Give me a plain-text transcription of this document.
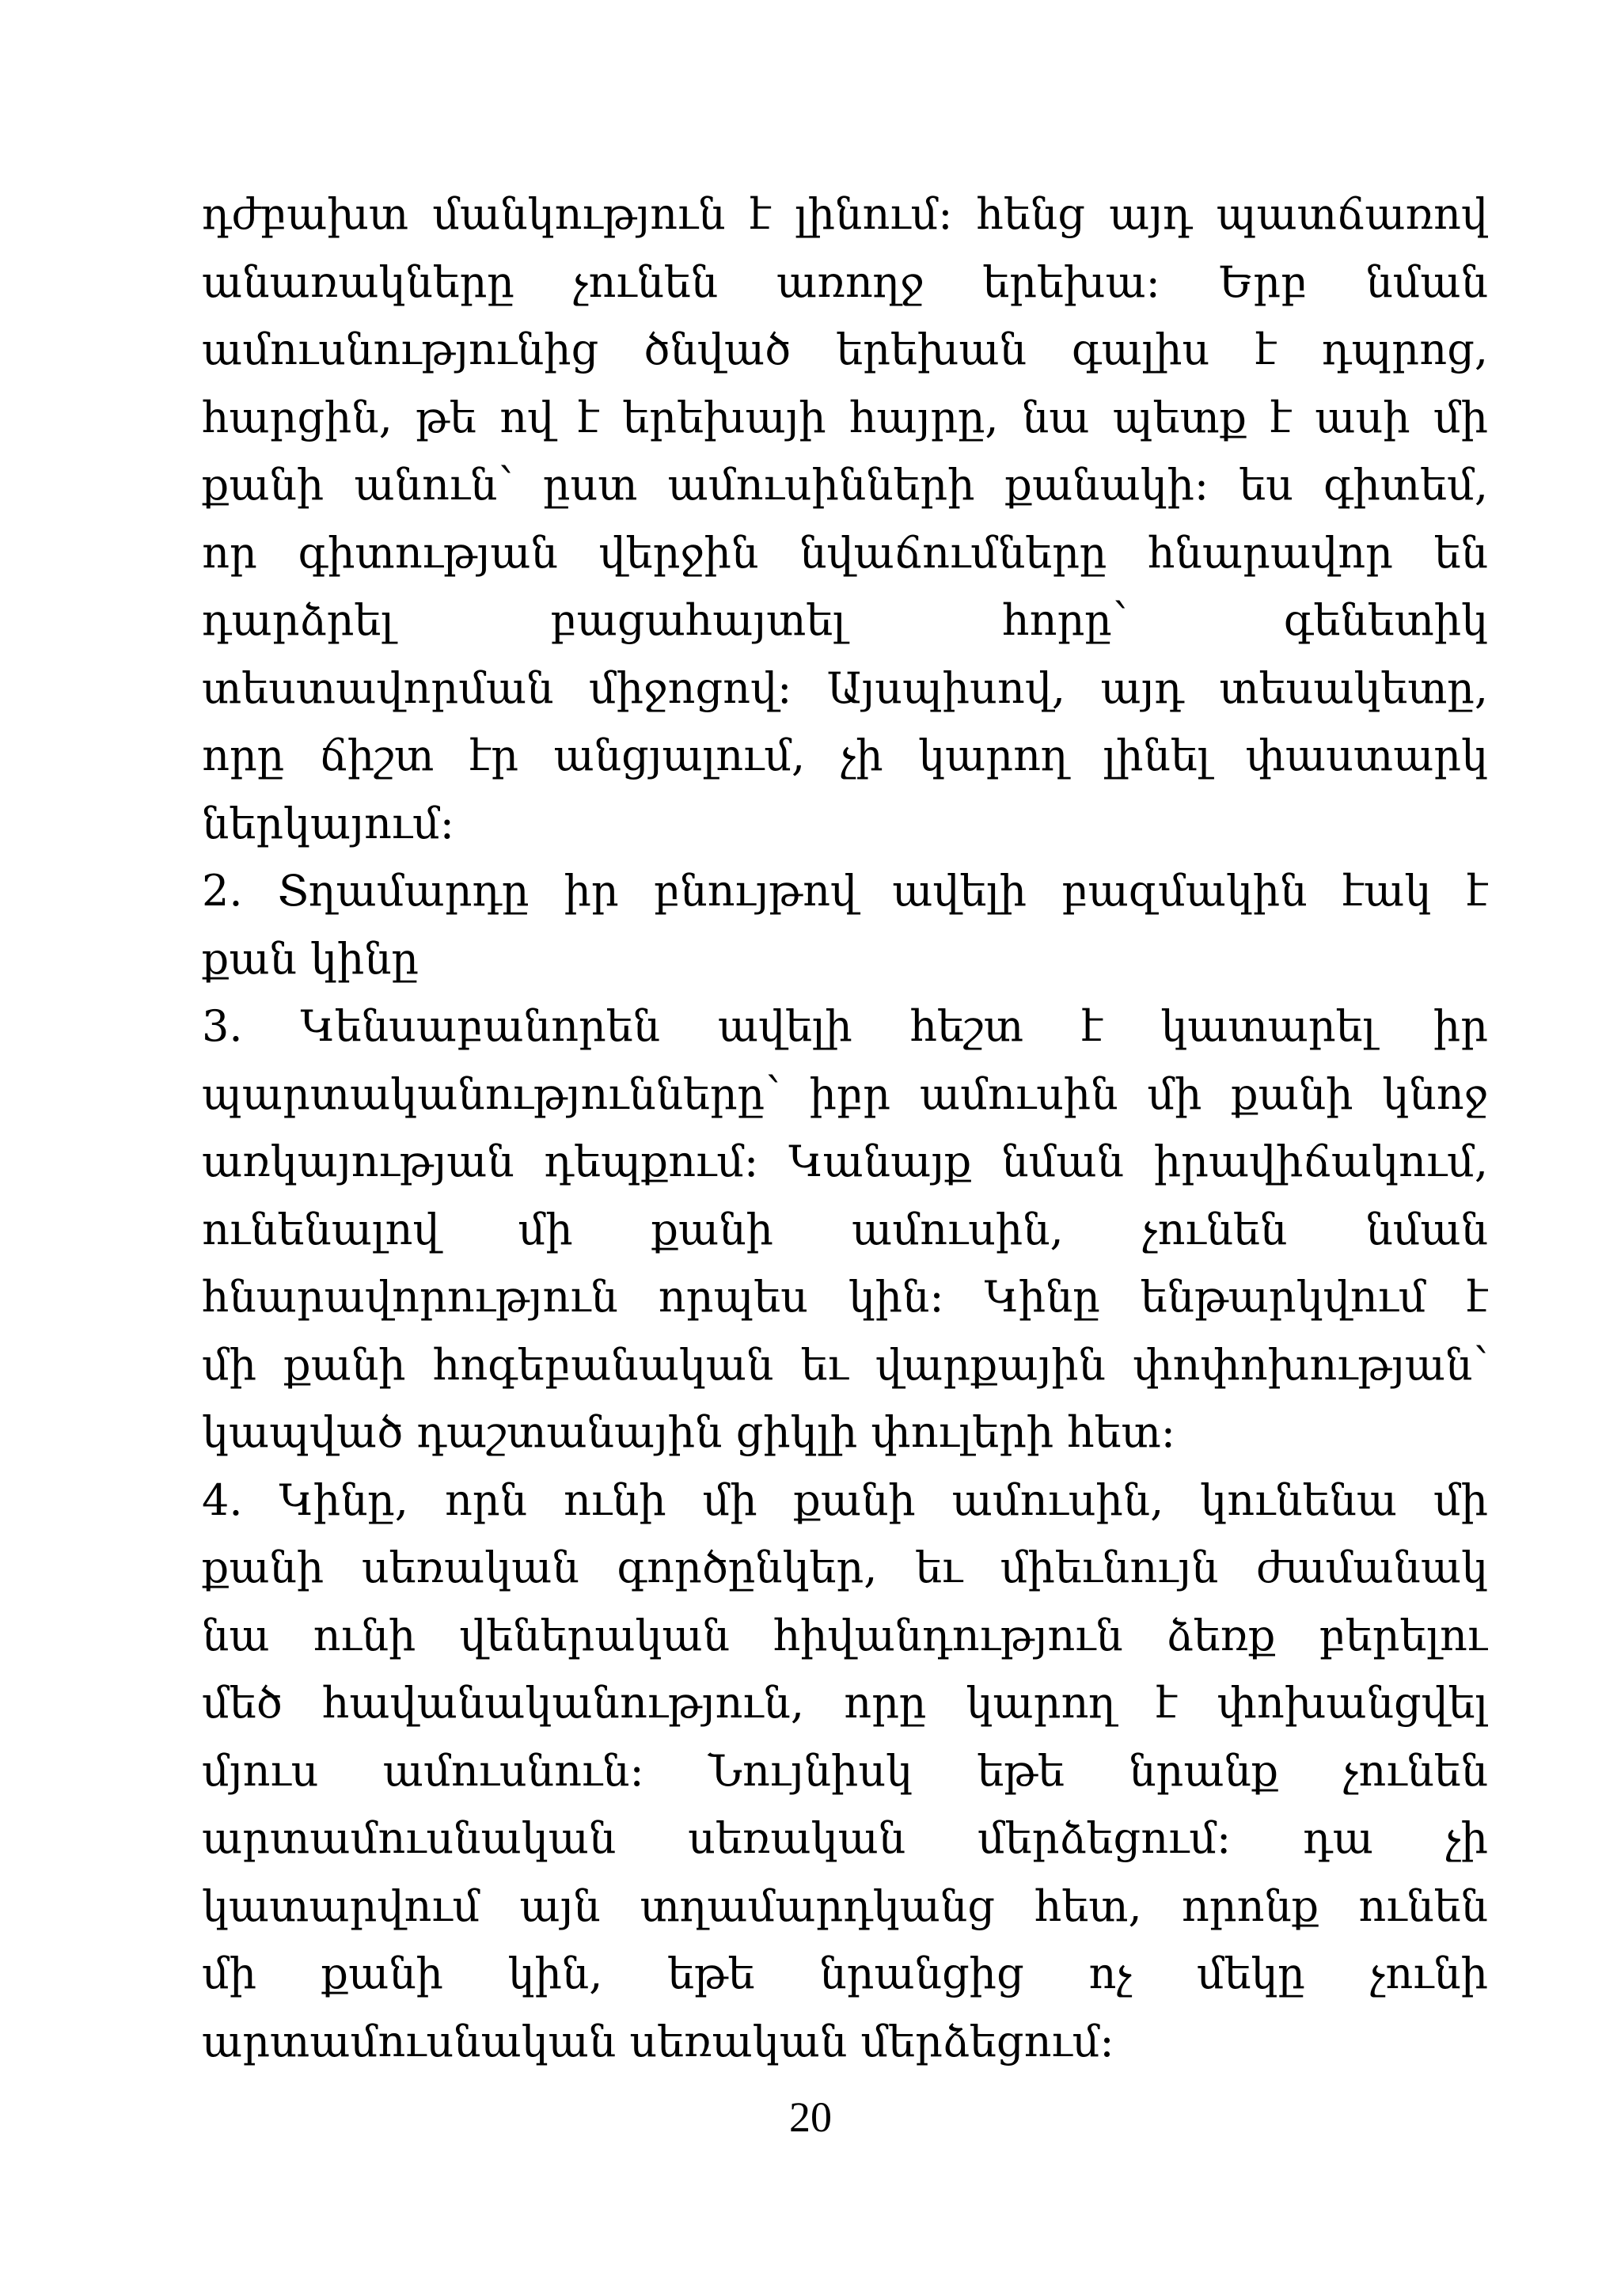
դժբախտ մանկություն է լինում: հենց այդ պատճառով
անառակները չունեն առողջ երեխա: Երբ նման
ամուսնությունից ծնված երեխան գալիս է դպրոց,
հարցին, թե ով է երեխայի հայրը, նա պետք է ասի մի
քանի անուն՝ ըստ ամուսինների քանակի: ես գիտեմ,
որ գիտության վերջին նվաճումները հնարավոր են
դարձրել բացահայտել հորը՝ գենետիկ
տեստավորման միջոցով: Այսպիսով, այդ տեսակետը,
որը ճիշտ էր անցյալում, չի կարող լինել փաստարկ
ներկայում:
2. Տղամարդը իր բնույթով ավելի բազմակին էակ է
քան կինը
3. Կենսաբանորեն ավելի հեշտ է կատարել իր
պարտականությունները՝ իբր ամուսին մի քանի կնոջ
առկայության դեպքում: Կանայք նման իրավիճակում,
ունենալով մի քանի ամուսին, չունեն նման
հնարավորություն որպես կին: Կինը ենթարկվում է
մի քանի հոգեբանական եւ վարքային փոփոխության՝
կապված դաշտանային ցիկլի փուլերի հետ:
4. Կինը, որն ունի մի քանի ամուսին, կունենա մի
քանի սեռական գործընկեր, եւ միեւնույն ժամանակ
նա ունի վեներական հիվանդություն ձեռք բերելու
մեծ հավանականություն, որը կարող է փոխանցվել
մյուս ամուսնուն: Նույնիսկ եթե նրանք չունեն
արտամուսնական սեռական մերձեցում: դա չի
կատարվում այն տղամարդկանց հետ, որոնք ունեն
մի քանի կին, եթե նրանցից ոչ մեկը չունի
արտամուսնական սեռական մերձեցում:
20
